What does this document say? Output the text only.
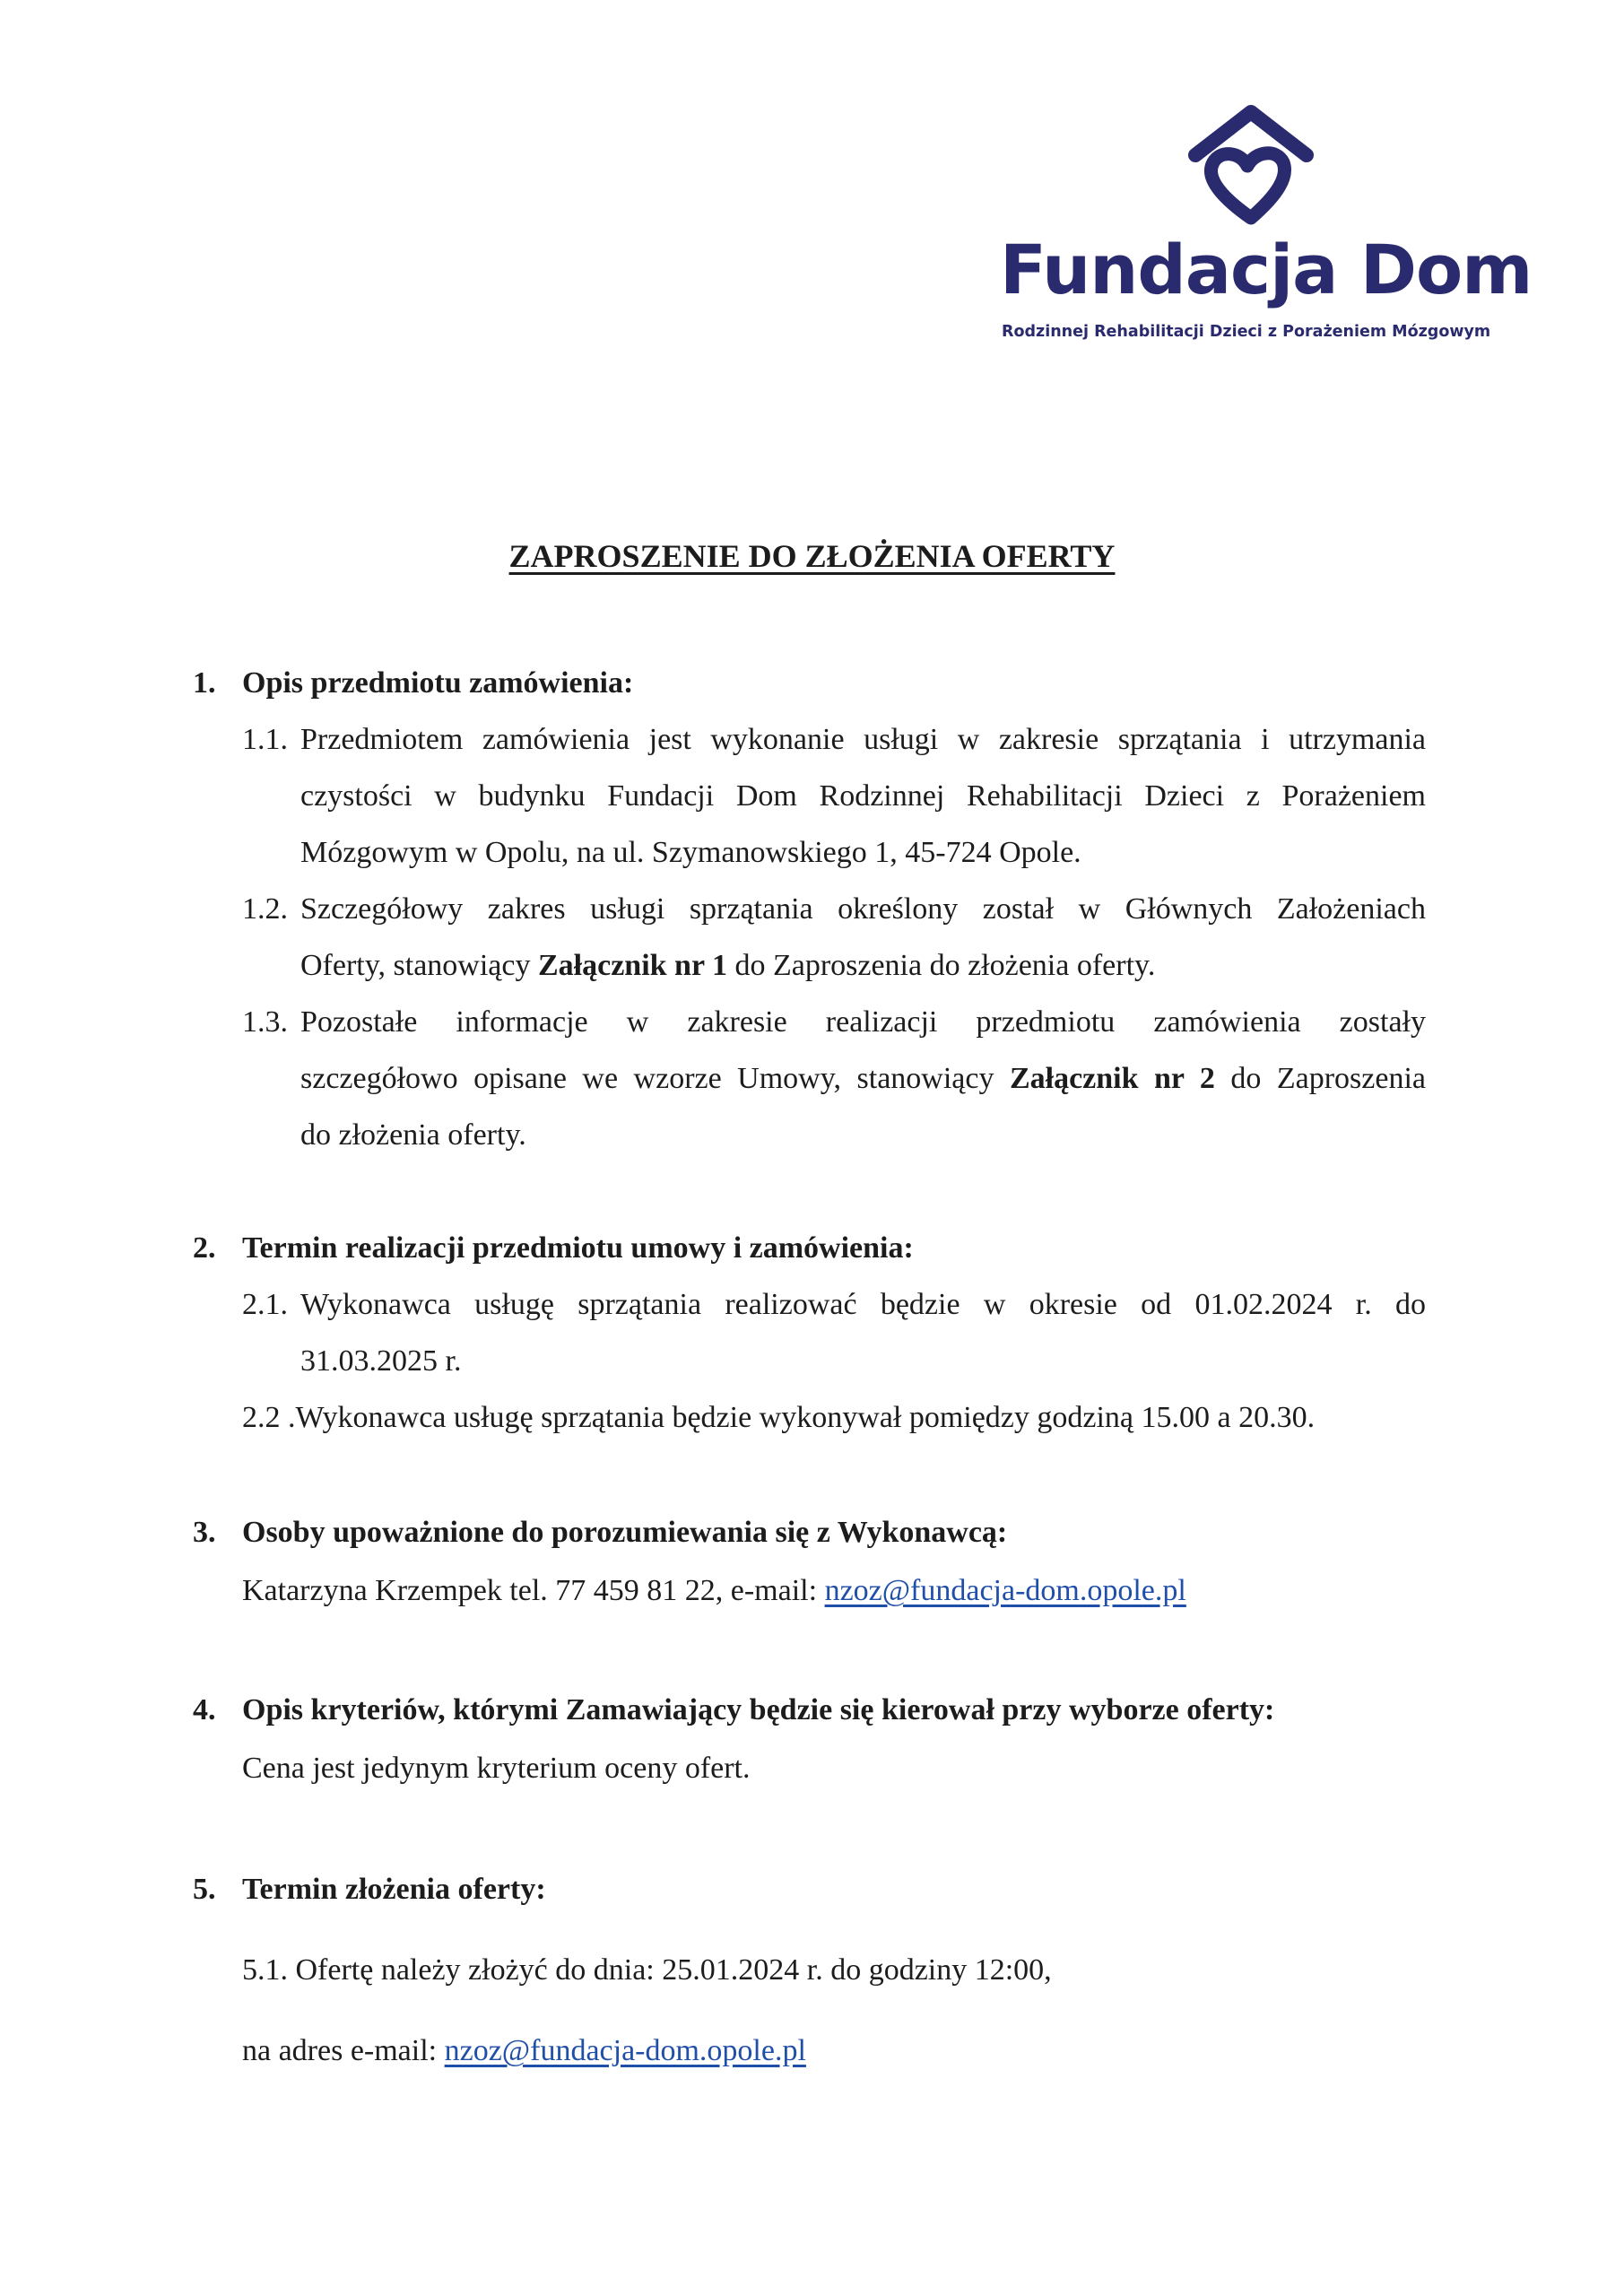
Fundacja Dom
Rodzinnej Rehabilitacji Dzieci z Porażeniem Mózgowym
ZAPROSZENIE DO ZŁOŻENIA OFERTY
1. Opis przedmiotu zamówienia:
1.1. Przedmiotem zamówienia jest wykonanie usługi w zakresie sprzątania i utrzymania
czystości w budynku Fundacji Dom Rodzinnej Rehabilitacji Dzieci z Porażeniem
Mózgowym w Opolu, na ul. Szymanowskiego 1, 45-724 Opole.
1.2. Szczegółowy zakres usługi sprzątania określony został w Głównych Założeniach
Oferty, stanowiący Załącznik nr 1 do Zaproszenia do złożenia oferty.
1.3. Pozostałe informacje w zakresie realizacji przedmiotu zamówienia zostały
szczegółowo opisane we wzorze Umowy, stanowiący Załącznik nr 2 do Zaproszenia
do złożenia oferty.
2. Termin realizacji przedmiotu umowy i zamówienia:
2.1. Wykonawca usługę sprzątania realizować będzie w okresie od 01.02.2024 r. do
31.03.2025 r.
2.2 .Wykonawca usługę sprzątania będzie wykonywał pomiędzy godziną 15.00 a 20.30.
3. Osoby upoważnione do porozumiewania się z Wykonawcą:
Katarzyna Krzempek tel. 77 459 81 22, e-mail: nzoz@fundacja-dom.opole.pl
4. Opis kryteriów, którymi Zamawiający będzie się kierował przy wyborze oferty:
Cena jest jedynym kryterium oceny ofert.
5. Termin złożenia oferty:
5.1. Ofertę należy złożyć do dnia: 25.01.2024 r. do godziny 12:00,
na adres e-mail: nzoz@fundacja-dom.opole.pl
